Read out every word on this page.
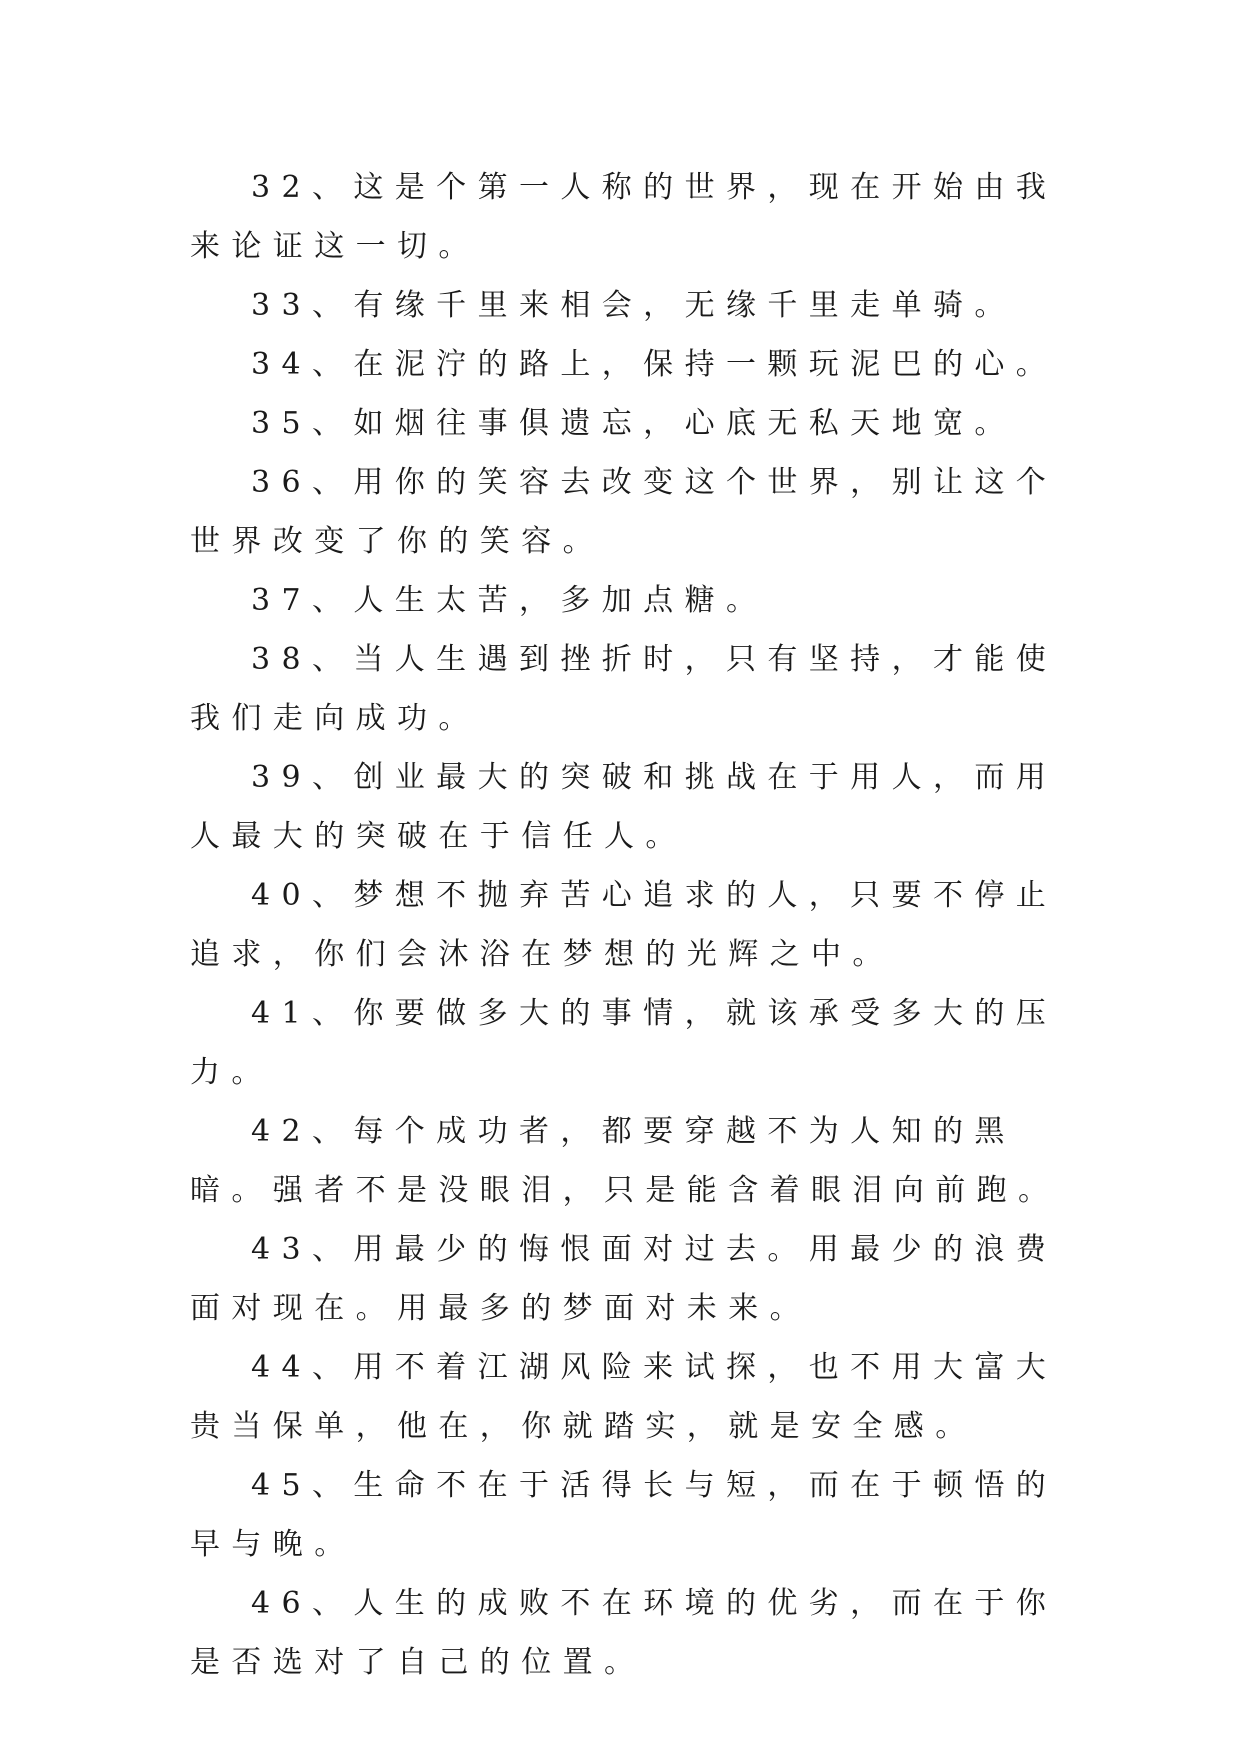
32、这是个第一人称的世界，现在开始由我来论证这一切。

33、有缘千里来相会，无缘千里走单骑。

34、在泥泞的路上，保持一颗玩泥巴的心。

35、如烟往事俱遗忘，心底无私天地宽。

36、用你的笑容去改变这个世界，别让这个世界改变了你的笑容。

37、人生太苦，多加点糖。

38、当人生遇到挫折时，只有坚持，才能使我们走向成功。

39、创业最大的突破和挑战在于用人，而用人最大的突破在于信任人。

40、梦想不抛弃苦心追求的人，只要不停止追求，你们会沐浴在梦想的光辉之中。

41、你要做多大的事情，就该承受多大的压力。

42、每个成功者，都要穿越不为人知的黑暗。强者不是没眼泪，只是能含着眼泪向前跑。

43、用最少的悔恨面对过去。用最少的浪费面对现在。用最多的梦面对未来。

44、用不着江湖风险来试探，也不用大富大贵当保单，他在，你就踏实，就是安全感。

45、生命不在于活得长与短，而在于顿悟的早与晚。

46、人生的成败不在环境的优劣，而在于你是否选对了自己的位置。
